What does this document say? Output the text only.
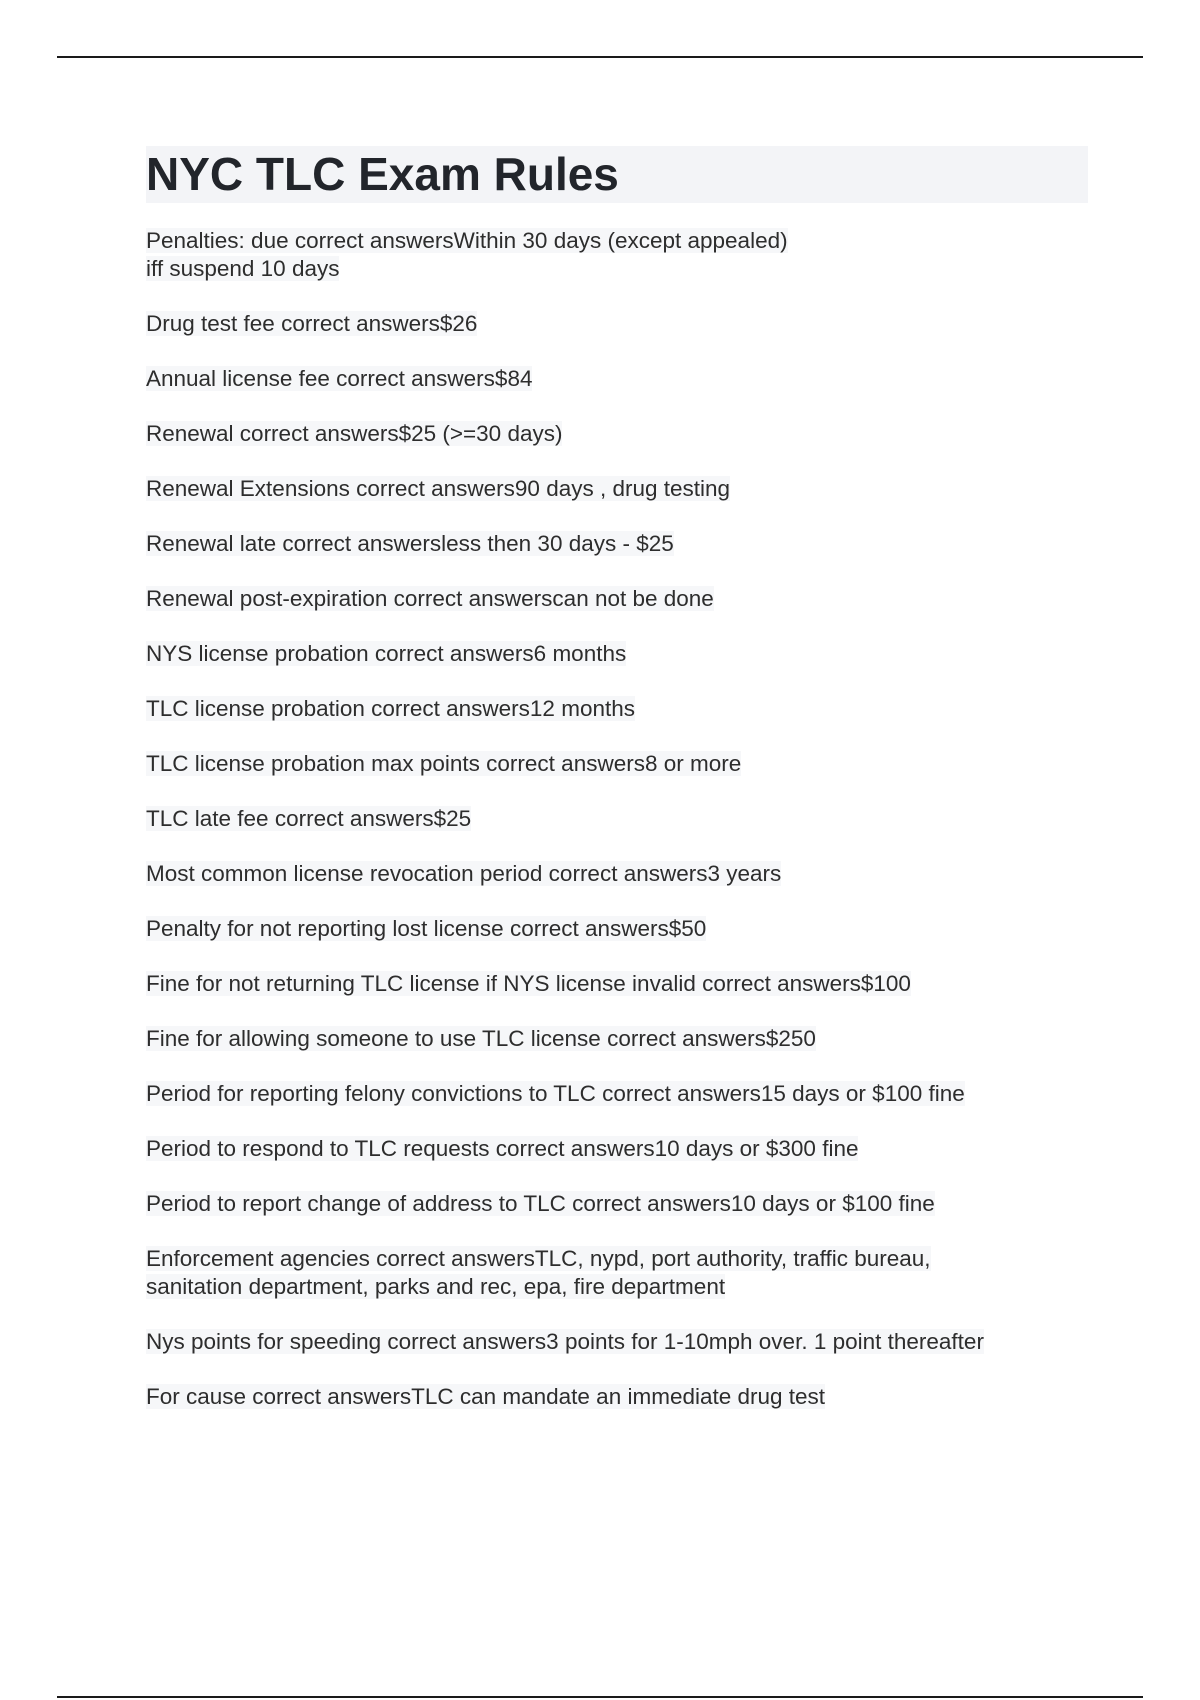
NYC TLC Exam Rules
Penalties: due correct answersWithin 30 days (except appealed)
iff suspend 10 days
Drug test fee correct answers$26
Annual license fee correct answers$84
Renewal correct answers$25 (>=30 days)
Renewal Extensions correct answers90 days , drug testing
Renewal late correct answersless then 30 days - $25
Renewal post-expiration correct answerscan not be done
NYS license probation correct answers6 months
TLC license probation correct answers12 months
TLC license probation max points correct answers8 or more
TLC late fee correct answers$25
Most common license revocation period correct answers3 years
Penalty for not reporting lost license correct answers$50
Fine for not returning TLC license if NYS license invalid correct answers$100
Fine for allowing someone to use TLC license correct answers$250
Period for reporting felony convictions to TLC correct answers15 days or $100 fine
Period to respond to TLC requests correct answers10 days or $300 fine
Period to report change of address to TLC correct answers10 days or $100 fine
Enforcement agencies correct answersTLC, nypd, port authority, traffic bureau,
sanitation department, parks and rec, epa, fire department
Nys points for speeding correct answers3 points for 1-10mph over. 1 point thereafter
For cause correct answersTLC can mandate an immediate drug test
